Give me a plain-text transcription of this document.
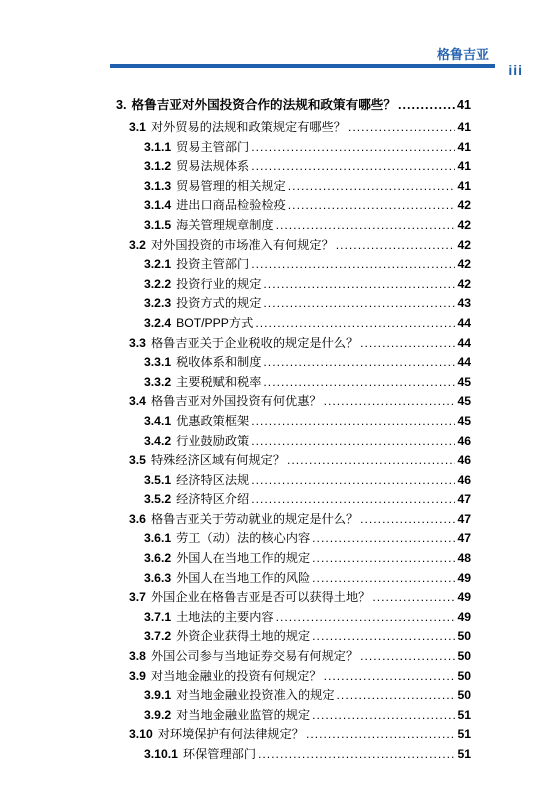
格鲁吉亚
iii
3. 格鲁吉亚对外国投资合作的法规和政策有哪些？ .....	41
3.1 对外贸易的法规和政策规定有哪些？ .....	41
3.1.1 贸易主管部门 .....	41
3.1.2 贸易法规体系 .....	41
3.1.3 贸易管理的相关规定 .....	41
3.1.4 进出口商品检验检疫 .....	42
3.1.5 海关管理规章制度 .....	42
3.2 对外国投资的市场准入有何规定？ .....	42
3.2.1 投资主管部门 .....	42
3.2.2 投资行业的规定 .....	42
3.2.3 投资方式的规定 .....	43
3.2.4 BOT/PPP方式 .....	44
3.3 格鲁吉亚关于企业税收的规定是什么？ .....	44
3.3.1 税收体系和制度 .....	44
3.3.2 主要税赋和税率 .....	45
3.4 格鲁吉亚对外国投资有何优惠？ .....	45
3.4.1 优惠政策框架 .....	45
3.4.2 行业鼓励政策 .....	46
3.5 特殊经济区域有何规定？ .....	46
3.5.1 经济特区法规 .....	46
3.5.2 经济特区介绍 .....	47
3.6 格鲁吉亚关于劳动就业的规定是什么？ .....	47
3.6.1 劳工（动）法的核心内容 .....	47
3.6.2 外国人在当地工作的规定 .....	48
3.6.3 外国人在当地工作的风险 .....	49
3.7 外国企业在格鲁吉亚是否可以获得土地？ .....	49
3.7.1 土地法的主要内容 .....	49
3.7.2 外资企业获得土地的规定 .....	50
3.8 外国公司参与当地证券交易有何规定？ .....	50
3.9 对当地金融业的投资有何规定？ .....	50
3.9.1 对当地金融业投资准入的规定 .....	50
3.9.2 对当地金融业监管的规定 .....	51
3.10 对环境保护有何法律规定？ .....	51
3.10.1 环保管理部门 .....	51
